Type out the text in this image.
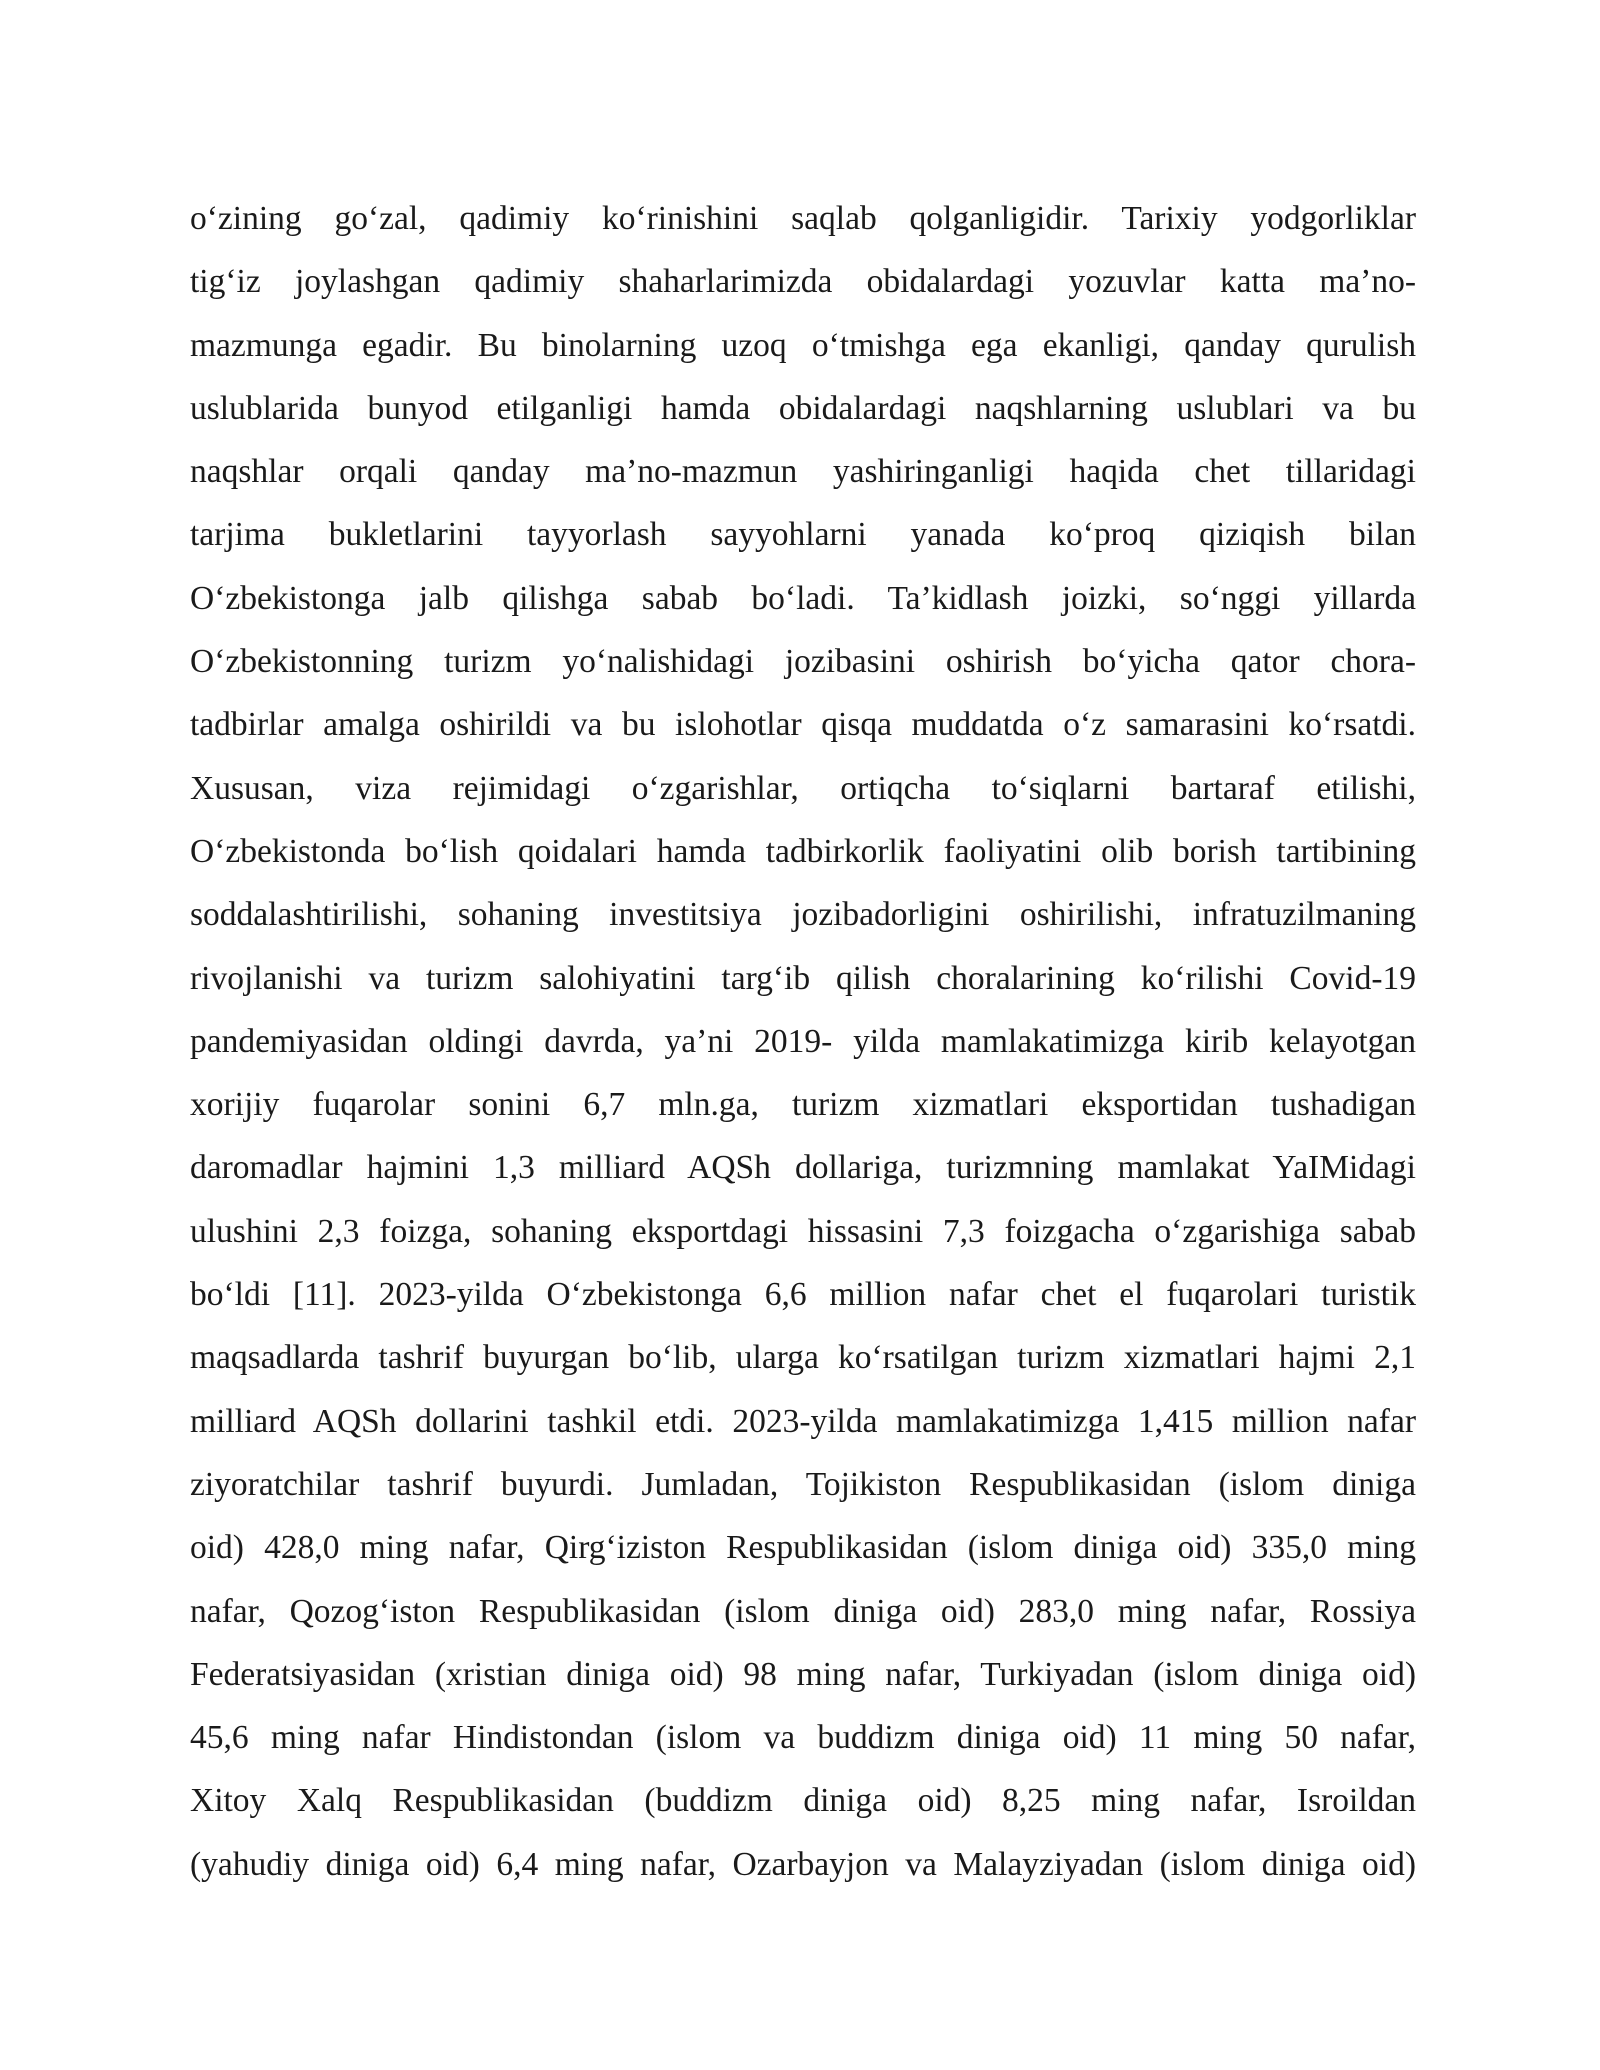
o‘zining go‘zal, qadimiy ko‘rinishini saqlab qolganligidir. Tarixiy yodgorliklar
tig‘iz joylashgan qadimiy shaharlarimizda obidalardagi yozuvlar katta ma’no-
mazmunga egadir. Bu binolarning uzoq o‘tmishga ega ekanligi, qanday qurulish
uslublarida bunyod etilganligi hamda obidalardagi naqshlarning uslublari va bu
naqshlar orqali qanday ma’no-mazmun yashiringanligi haqida chet tillaridagi
tarjima bukletlarini tayyorlash sayyohlarni yanada ko‘proq qiziqish bilan
O‘zbekistonga jalb qilishga sabab bo‘ladi. Ta’kidlash joizki, so‘nggi yillarda
O‘zbekistonning turizm yo‘nalishidagi jozibasini oshirish bo‘yicha qator chora-
tadbirlar amalga oshirildi va bu islohotlar qisqa muddatda o‘z samarasini ko‘rsatdi.
Xususan, viza rejimidagi o‘zgarishlar, ortiqcha to‘siqlarni bartaraf etilishi,
O‘zbekistonda bo‘lish qoidalari hamda tadbirkorlik faoliyatini olib borish tartibining
soddalashtirilishi, sohaning investitsiya jozibadorligini oshirilishi, infratuzilmaning
rivojlanishi va turizm salohiyatini targ‘ib qilish choralarining ko‘rilishi Covid-19
pandemiyasidan oldingi davrda, ya’ni 2019- yilda mamlakatimizga kirib kelayotgan
xorijiy fuqarolar sonini 6,7 mln.ga, turizm xizmatlari eksportidan tushadigan
daromadlar hajmini 1,3 milliard AQSh dollariga, turizmning mamlakat YaIMidagi
ulushini 2,3 foizga, sohaning eksportdagi hissasini 7,3 foizgacha o‘zgarishiga sabab
bo‘ldi [11]. 2023-yilda O‘zbekistonga 6,6 million nafar chet el fuqarolari turistik
maqsadlarda tashrif buyurgan bo‘lib, ularga ko‘rsatilgan turizm xizmatlari hajmi 2,1
milliard AQSh dollarini tashkil etdi. 2023-yilda mamlakatimizga 1,415 million nafar
ziyoratchilar tashrif buyurdi. Jumladan, Tojikiston Respublikasidan (islom diniga
oid) 428,0 ming nafar, Qirg‘iziston Respublikasidan (islom diniga oid) 335,0 ming
nafar, Qozog‘iston Respublikasidan (islom diniga oid) 283,0 ming nafar, Rossiya
Federatsiyasidan (xristian diniga oid) 98 ming nafar, Turkiyadan (islom diniga oid)
45,6 ming nafar Hindistondan (islom va buddizm diniga oid) 11 ming 50 nafar,
Xitoy Xalq Respublikasidan (buddizm diniga oid) 8,25 ming nafar, Isroildan
(yahudiy diniga oid) 6,4 ming nafar, Ozarbayjon va Malayziyadan (islom diniga oid)
